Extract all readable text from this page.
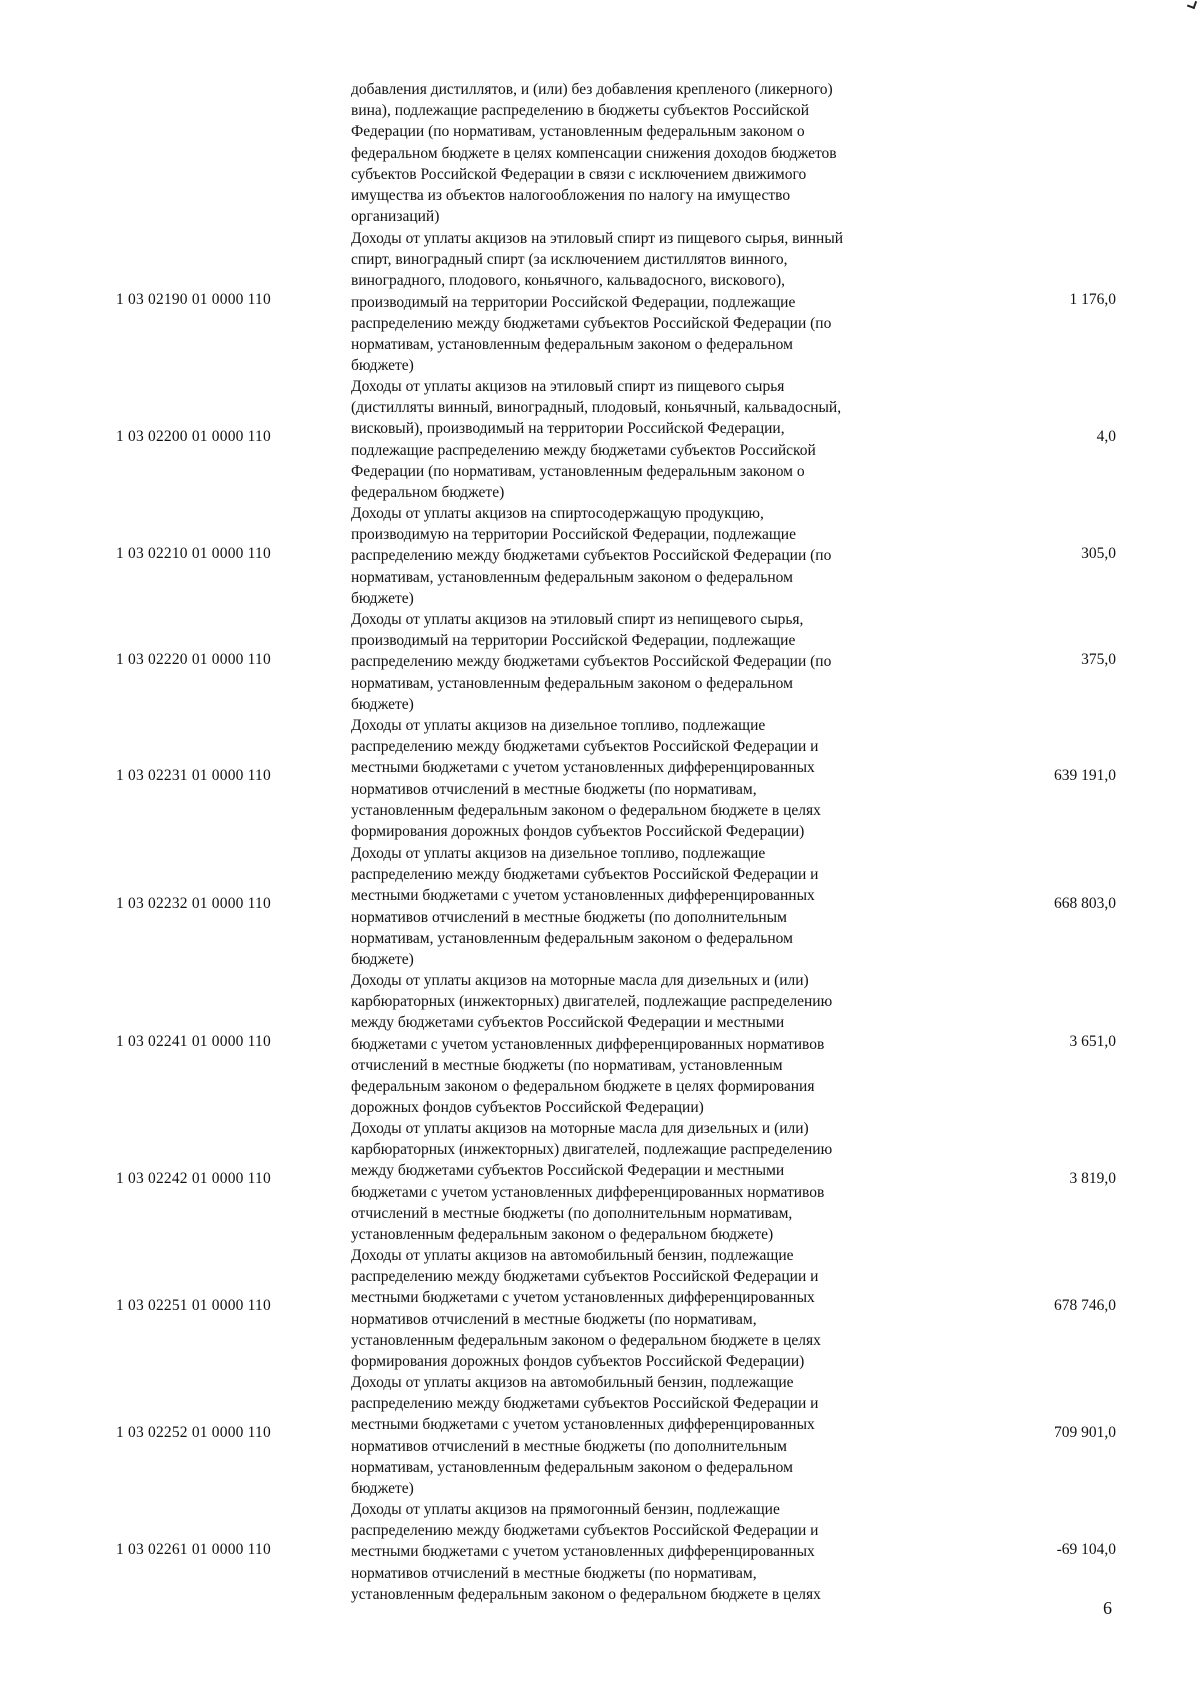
добавления дистиллятов, и (или) без добавления крепленого (ликерного)
вина), подлежащие распределению в бюджеты субъектов Российской
Федерации (по нормативам, установленным федеральным законом о
федеральном бюджете в целях компенсации снижения доходов бюджетов
субъектов Российской Федерации в связи с исключением движимого
имущества из объектов налогообложения по налогу на имущество
организаций)
1 03 02190 01 0000 110
Доходы от уплаты акцизов на этиловый спирт из пищевого сырья, винный
спирт, виноградный спирт (за исключением дистиллятов винного,
виноградного, плодового, коньячного, кальвадосного, вискового),
производимый на территории Российской Федерации, подлежащие
распределению между бюджетами субъектов Российской Федерации (по
нормативам, установленным федеральным законом о федеральном
бюджете)
1 176,0
1 03 02200 01 0000 110
Доходы от уплаты акцизов на этиловый спирт из пищевого сырья
(дистилляты винный, виноградный, плодовый, коньячный, кальвадосный,
висковый), производимый на территории Российской Федерации,
подлежащие распределению между бюджетами субъектов Российской
Федерации (по нормативам, установленным федеральным законом о
федеральном бюджете)
4,0
1 03 02210 01 0000 110
Доходы от уплаты акцизов на спиртосодержащую продукцию,
производимую на территории Российской Федерации, подлежащие
распределению между бюджетами субъектов Российской Федерации (по
нормативам, установленным федеральным законом о федеральном
бюджете)
305,0
1 03 02220 01 0000 110
Доходы от уплаты акцизов на этиловый спирт из непищевого сырья,
производимый на территории Российской Федерации, подлежащие
распределению между бюджетами субъектов Российской Федерации (по
нормативам, установленным федеральным законом о федеральном
бюджете)
375,0
1 03 02231 01 0000 110
Доходы от уплаты акцизов на дизельное топливо, подлежащие
распределению между бюджетами субъектов Российской Федерации и
местными бюджетами с учетом установленных дифференцированных
нормативов отчислений в местные бюджеты (по нормативам,
установленным федеральным законом о федеральном бюджете в целях
формирования дорожных фондов субъектов Российской Федерации)
639 191,0
1 03 02232 01 0000 110
Доходы от уплаты акцизов на дизельное топливо, подлежащие
распределению между бюджетами субъектов Российской Федерации и
местными бюджетами с учетом установленных дифференцированных
нормативов отчислений в местные бюджеты (по дополнительным
нормативам, установленным федеральным законом о федеральном
бюджете)
668 803,0
1 03 02241 01 0000 110
Доходы от уплаты акцизов на моторные масла для дизельных и (или)
карбюраторных (инжекторных) двигателей, подлежащие распределению
между бюджетами субъектов Российской Федерации и местными
бюджетами с учетом установленных дифференцированных нормативов
отчислений в местные бюджеты (по нормативам, установленным
федеральным законом о федеральном бюджете в целях формирования
дорожных фондов субъектов Российской Федерации)
3 651,0
1 03 02242 01 0000 110
Доходы от уплаты акцизов на моторные масла для дизельных и (или)
карбюраторных (инжекторных) двигателей, подлежащие распределению
между бюджетами субъектов Российской Федерации и местными
бюджетами с учетом установленных дифференцированных нормативов
отчислений в местные бюджеты (по дополнительным нормативам,
установленным федеральным законом о федеральном бюджете)
3 819,0
1 03 02251 01 0000 110
Доходы от уплаты акцизов на автомобильный бензин, подлежащие
распределению между бюджетами субъектов Российской Федерации и
местными бюджетами с учетом установленных дифференцированных
нормативов отчислений в местные бюджеты (по нормативам,
установленным федеральным законом о федеральном бюджете в целях
формирования дорожных фондов субъектов Российской Федерации)
678 746,0
1 03 02252 01 0000 110
Доходы от уплаты акцизов на автомобильный бензин, подлежащие
распределению между бюджетами субъектов Российской Федерации и
местными бюджетами с учетом установленных дифференцированных
нормативов отчислений в местные бюджеты (по дополнительным
нормативам, установленным федеральным законом о федеральном
бюджете)
709 901,0
1 03 02261 01 0000 110
Доходы от уплаты акцизов на прямогонный бензин, подлежащие
распределению между бюджетами субъектов Российской Федерации и
местными бюджетами с учетом установленных дифференцированных
нормативов отчислений в местные бюджеты (по нормативам,
установленным федеральным законом о федеральном бюджете в целях
-69 104,0
6
